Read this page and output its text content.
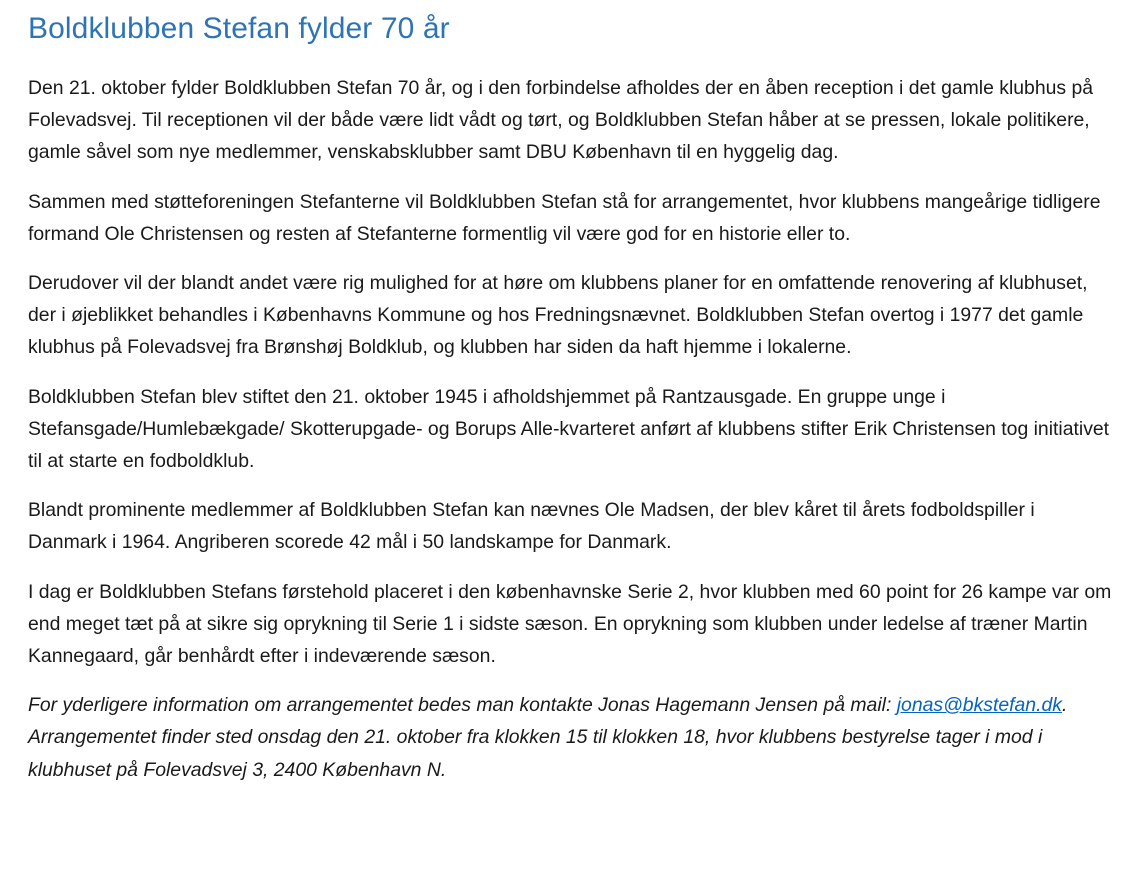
Boldklubben Stefan fylder 70 år

Den 21. oktober fylder Boldklubben Stefan 70 år, og i den forbindelse afholdes der en åben reception i det gamle klubhus på Folevadsvej. Til receptionen vil der både være lidt vådt og tørt, og Boldklubben Stefan håber at se pressen, lokale politikere, gamle såvel som nye medlemmer, venskabsklubber samt DBU København til en hyggelig dag.

Sammen med støtteforeningen Stefanterne vil Boldklubben Stefan stå for arrangementet, hvor klubbens mangeårige tidligere formand Ole Christensen og resten af Stefanterne formentlig vil være god for en historie eller to.

Derudover vil der blandt andet være rig mulighed for at høre om klubbens planer for en omfattende renovering af klubhuset, der i øjeblikket behandles i Københavns Kommune og hos Fredningsnævnet. Boldklubben Stefan overtog i 1977 det gamle klubhus på Folevadsvej fra Brønshøj Boldklub, og klubben har siden da haft hjemme i lokalerne.

Boldklubben Stefan blev stiftet den 21. oktober 1945 i afholdshjemmet på Rantzausgade. En gruppe unge i Stefansgade/Humlebækgade/ Skotterupgade- og Borups Alle-kvarteret anført af klubbens stifter Erik Christensen tog initiativet til at starte en fodboldklub.

Blandt prominente medlemmer af Boldklubben Stefan kan nævnes Ole Madsen, der blev kåret til årets fodboldspiller i Danmark i 1964. Angriberen scorede 42 mål i 50 landskampe for Danmark.

I dag er Boldklubben Stefans førstehold placeret i den københavnske Serie 2, hvor klubben med 60 point for 26 kampe var om end meget tæt på at sikre sig oprykning til Serie 1 i sidste sæson. En oprykning som klubben under ledelse af træner Martin Kannegaard, går benhårdt efter i indeværende sæson.

For yderligere information om arrangementet bedes man kontakte Jonas Hagemann Jensen på mail: jonas@bkstefan.dk. Arrangementet finder sted onsdag den 21. oktober fra klokken 15 til klokken 18, hvor klubbens bestyrelse tager i mod i klubhuset på Folevadsvej 3, 2400 København N.
